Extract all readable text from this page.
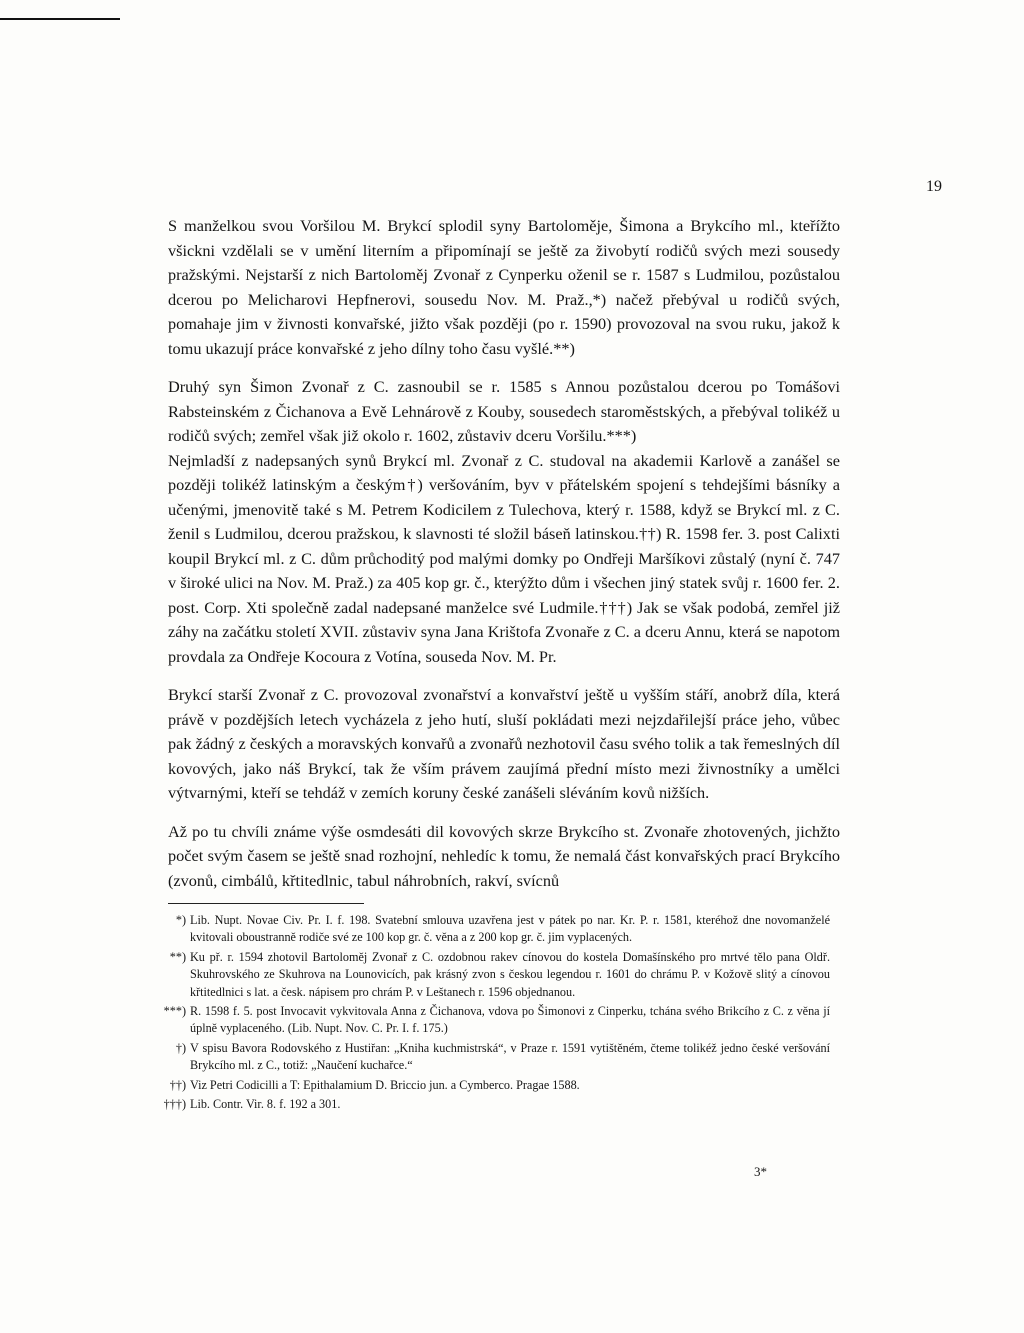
19

S manželkou svou Voršilou M. Brykcí splodil syny Bartoloměje, Šimona a Brykcího ml., kteřížto všickni vzdělali se v umění literním a připomínají se ještě za živobytí rodičů svých mezi sousedy pražskými. Nejstarší z nich Bartoloměj Zvonař z Cynperku oženil se r. 1587 s Ludmilou, pozůstalou dcerou po Melicharovi Hepfnerovi, sousedu Nov. M. Praž.,*) načež přebýval u rodičů svých, pomahaje jim v živnosti konvařské, jižto však později (po r. 1590) provozoval na svou ruku, jakož k tomu ukazují práce konvařské z jeho dílny toho času vyšlé.**)

Druhý syn Šimon Zvonař z C. zasnoubil se r. 1585 s Annou pozůstalou dcerou po Tomášovi Rabsteinském z Čichanova a Evě Lehnárově z Kouby, sousedech staroměstských, a přebýval tolikéž u rodičů svých; zemřel však již okolo r. 1602, zůstaviv dceru Voršilu.***)

Nejmladší z nadepsaných synů Brykcí ml. Zvonař z C. studoval na akademii Karlově a zanášel se později tolikéž latinským a českým†) veršováním, byv v přátelském spojení s tehdejšími básníky a učenými, jmenovitě také s M. Petrem Kodicilem z Tulechova, který r. 1588, když se Brykcí ml. z C. ženil s Ludmilou, dcerou pražskou, k slavnosti té složil báseň latinskou.††) R. 1598 fer. 3. post Calixti koupil Brykcí ml. z C. dům průchoditý pod malými domky po Ondřeji Maršíkovi zůstalý (nyní č. 747 v široké ulici na Nov. M. Praž.) za 405 kop gr. č., kterýžto dům i všechen jiný statek svůj r. 1600 fer. 2. post. Corp. Xti společně zadal nadepsané manželce své Ludmile.†††) Jak se však podobá, zemřel již záhy na začátku století XVII. zůstaviv syna Jana Krištofa Zvonaře z C. a dceru Annu, která se napotom provdala za Ondřeje Kocoura z Votína, souseda Nov. M. Pr.

Brykcí starší Zvonař z C. provozoval zvonařství a konvařství ještě u vyšším stáří, anobrž díla, která právě v pozdějších letech vycházela z jeho hutí, sluší pokládati mezi nejzdařilejší práce jeho, vůbec pak žádný z českých a moravských konvařů a zvonařů nezhotovil času svého tolik a tak řemeslných díl kovových, jako náš Brykcí, tak že vším právem zaujímá přední místo mezi živnostníky a umělci výtvarnými, kteří se tehdáž v zemích koruny české zanášeli sléváním kovů nižších.

Až po tu chvíli známe výše osmdesáti dil kovových skrze Brykcího st. Zvonaře zhotovených, jichžto počet svým časem se ještě snad rozhojní, nehledíc k tomu, že nemalá část konvařských prací Brykcího (zvonů, cimbálů, křtitedlnic, tabul náhrobních, rakví, svícnů

*) Lib. Nupt. Novae Civ. Pr. I. f. 198. Svatební smlouva uzavřena jest v pátek po nar. Kr. P. r. 1581, kteréhož dne novomanželé kvitovali oboustranně rodiče své ze 100 kop gr. č. věna a z 200 kop gr. č. jim vyplacených.
**) Ku př. r. 1594 zhotovil Bartoloměj Zvonař z C. ozdobnou rakev cínovou do kostela Domašínského pro mrtvé tělo pana Oldř. Skuhrovského ze Skuhrova na Lounovicích, pak krásný zvon s českou legendou r. 1601 do chrámu P. v Kožově slitý a cínovou křtitedlnici s lat. a česk. nápisem pro chrám P. v Leštanech r. 1596 objednanou.
***) R. 1598 f. 5. post Invocavit vykvitovala Anna z Čichanova, vdova po Šimonovi z Cinperku, tchána svého Brikcího z C. z věna jí úplně vyplaceného. (Lib. Nupt. Nov. C. Pr. I. f. 175.)
†) V spisu Bavora Rodovského z Hustiřan: „Kniha kuchmistrská“, v Praze r. 1591 vytištěném, čteme tolikéž jedno české veršování Brykcího ml. z C., totiž: „Naučení kuchařce.“
††) Viz Petri Codicilli a T: Epithalamium D. Briccio jun. a Cymberco. Pragae 1588.
†††) Lib. Contr. Vir. 8. f. 192 a 301.
3*
